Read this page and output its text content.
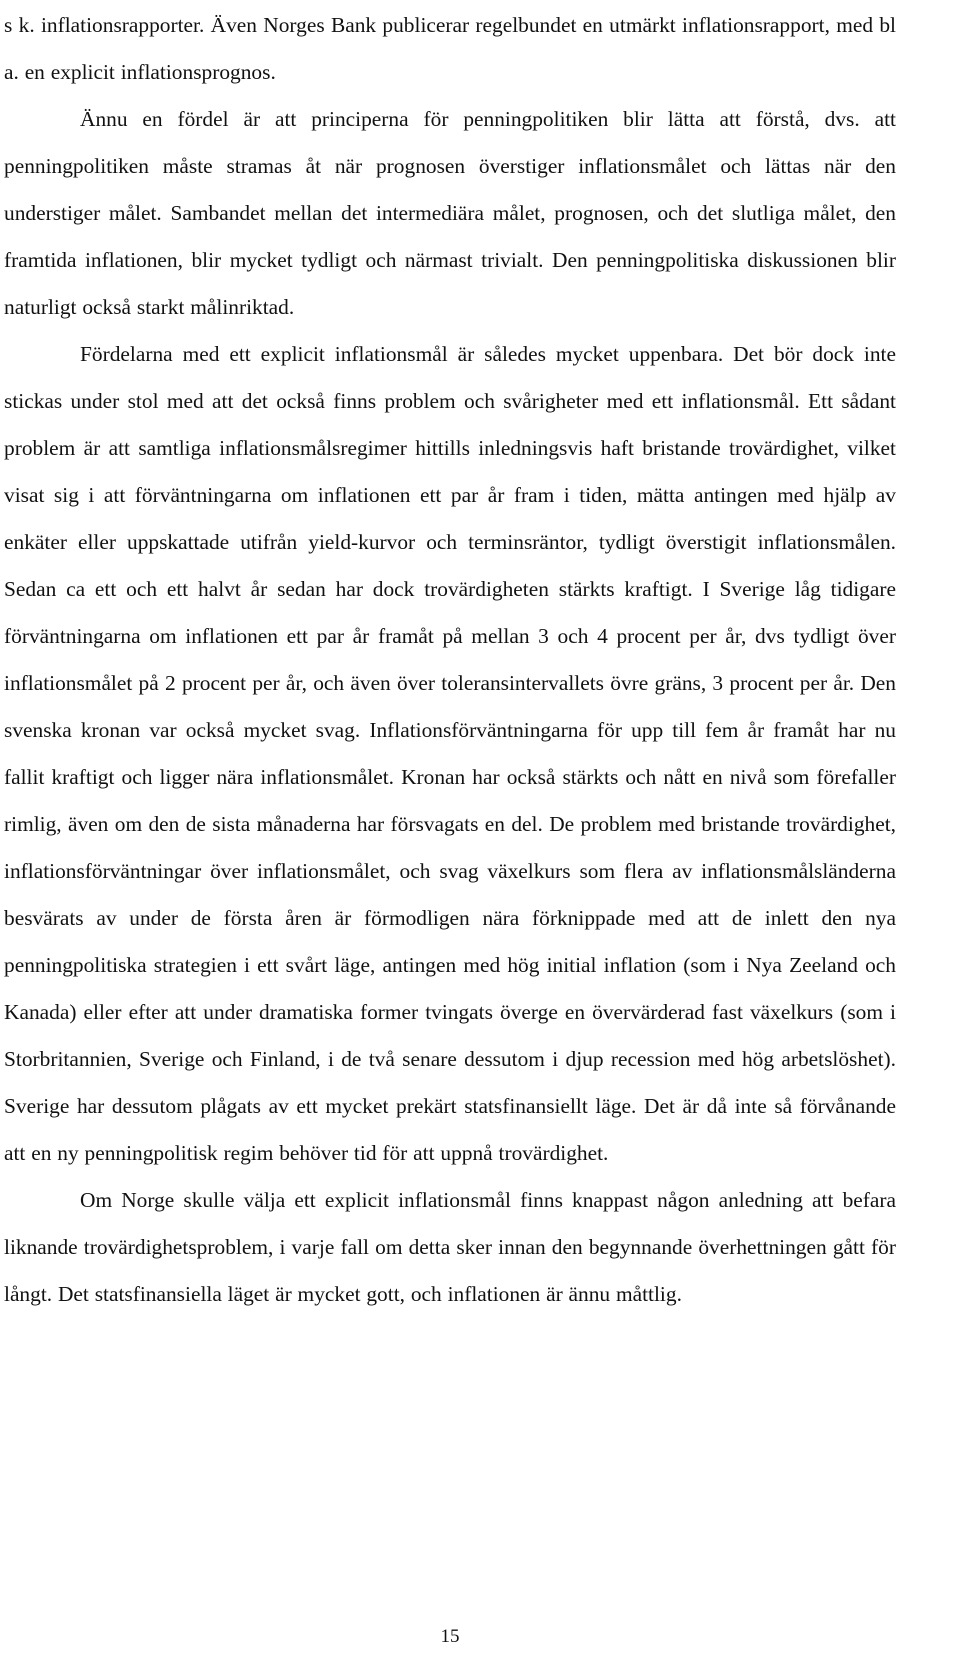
s k. inflationsrapporter. Även Norges Bank publicerar regelbundet en utmärkt inflationsrapport, med bl a. en explicit inflationsprognos.

Ännu en fördel är att principerna för penningpolitiken blir lätta att förstå, dvs. att penningpolitiken måste stramas åt när prognosen överstiger inflationsmålet och lättas när den understiger målet. Sambandet mellan det intermediära målet, prognosen, och det slutliga målet, den framtida inflationen, blir mycket tydligt och närmast trivialt. Den penningpolitiska diskussionen blir naturligt också starkt målinriktad.

Fördelarna med ett explicit inflationsmål är således mycket uppenbara. Det bör dock inte stickas under stol med att det också finns problem och svårigheter med ett inflationsmål. Ett sådant problem är att samtliga inflationsmålsregimer hittills inledningsvis haft bristande trovärdighet, vilket visat sig i att förväntningarna om inflationen ett par år fram i tiden, mätta antingen med hjälp av enkäter eller uppskattade utifrån yield-kurvor och terminsräntor, tydligt överstigit inflationsmålen. Sedan ca ett och ett halvt år sedan har dock trovärdigheten stärkts kraftigt. I Sverige låg tidigare förväntningarna om inflationen ett par år framåt på mellan 3 och 4 procent per år, dvs tydligt över inflationsmålet på 2 procent per år, och även över toleransintervallets övre gräns, 3 procent per år. Den svenska kronan var också mycket svag. Inflationsförväntningarna för upp till fem år framåt har nu fallit kraftigt och ligger nära inflationsmålet. Kronan har också stärkts och nått en nivå som förefaller rimlig, även om den de sista månaderna har försvagats en del. De problem med bristande trovärdighet, inflationsförväntningar över inflationsmålet, och svag växelkurs som flera av inflationsmålsländerna besvärats av under de första åren är förmodligen nära förknippade med att de inlett den nya penningpolitiska strategien i ett svårt läge, antingen med hög initial inflation (som i Nya Zeeland och Kanada) eller efter att under dramatiska former tvingats överge en övervärderad fast växelkurs (som i Storbritannien, Sverige och Finland, i de två senare dessutom i djup recession med hög arbetslöshet). Sverige har dessutom plågats av ett mycket prekärt statsfinansiellt läge. Det är då inte så förvånande att en ny penningpolitisk regim behöver tid för att uppnå trovärdighet.

Om Norge skulle välja ett explicit inflationsmål finns knappast någon anledning att befara liknande trovärdighetsproblem, i varje fall om detta sker innan den begynnande överhettningen gått för långt. Det statsfinansiella läget är mycket gott, och inflationen är ännu måttlig.

15
